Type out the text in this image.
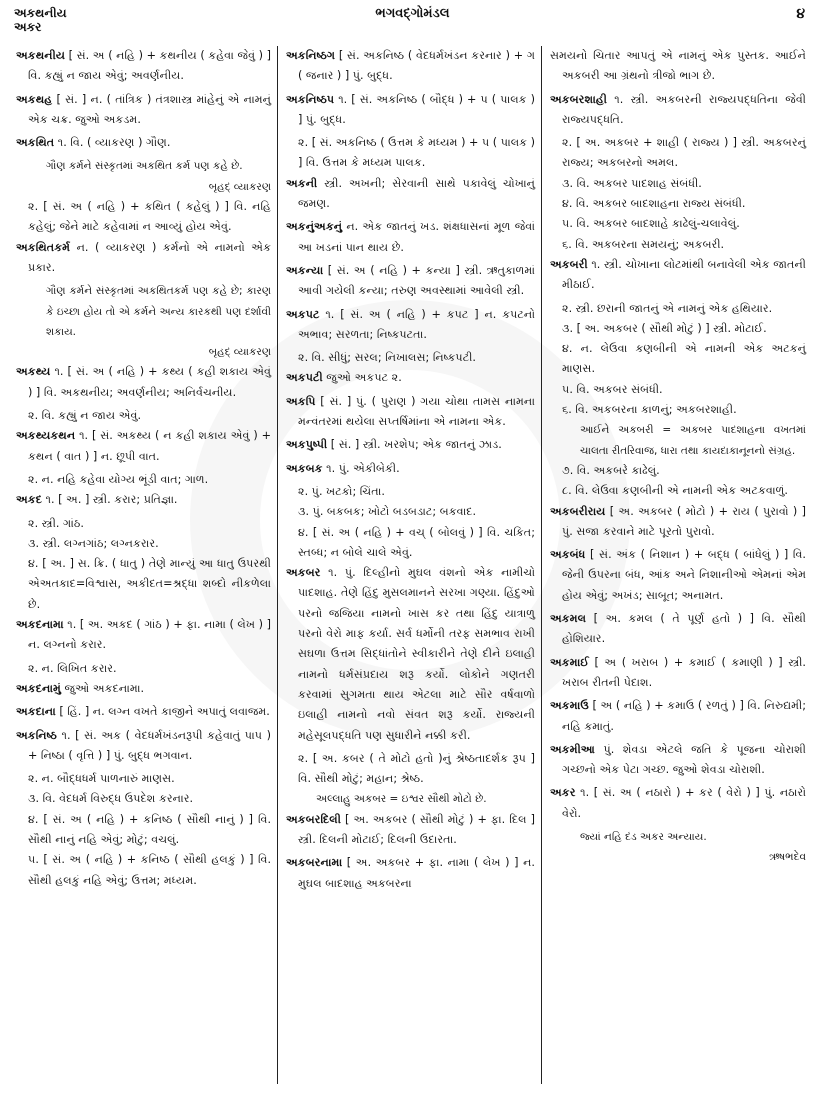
અકથનીય
અકર
ભગવદ્ગોમંડલ	૪

અકથનીય [ સં. અ ( નહિ ) + કથનીય ( કહેવા જેવું ) ] વિ. કહ્યું ન જાય એવું; અવર્ણનીય.

અકથહ [ સં. ] ન. ( તાંત્રિક ) તંત્રશાસ્ત્ર માંહેનું એ નામનું એક ચક્ર. જુઓ અકડમ.

અકથિત ૧. વિ. ( વ્યાકરણ ) ગૌણ.

ગૌણ કર્મને સંસ્કૃતમાં અકથિત કર્મ પણ કહે છે.

બૃહદ્ વ્યાકરણ

૨. [ સં. અ ( નહિ ) + કથિત ( કહેલું ) ] વિ. નહિ કહેલું; જેને માટે કહેવામાં ન આવ્યું હોય એવું.

અકથિતકર્મ ન. ( વ્યાકરણ ) કર્મનો એ નામનો એક પ્રકાર.

ગૌણ કર્મને સંસ્કૃતમાં અકથિતકર્મ પણ કહે છે; કારણ કે ઇચ્છા હોય તો એ કર્મને અન્ય કારકથી પણ દર્શાવી શકાય.

બૃહદ્ વ્યાકરણ

અકથ્ય ૧. [ સં. અ ( નહિ ) + કથ્ય ( કહી શકાય એવું ) ] વિ. અકથનીય; અવર્ણનીય; અનિર્વચનીય.

૨. વિ. કહ્યું ન જાય એવું.

અકથ્યકથન ૧. [ સં. અકથ્ય ( ન કહી શકાય એવું ) + કથન ( વાત ) ] ન. છૂપી વાત.

૨. ન. નહિ કહેવા યોગ્ય ભૂંડી વાત; ગાળ.

અકદ ૧. [ અ. ] સ્ત્રી. કરાર; પ્રતિજ્ઞા.

૨. સ્ત્રી. ગાંઠ.

૩. સ્ત્રી. લગ્નગાંઠ; લગ્નકરાર.

૪. [ અ. ] સ. ક્રિ. ( ધાતુ ) તેણે માન્યું આ ધાતુ ઉપરથી એઅતકાદ=વિશ્વાસ, અકીદત=શ્રદ્ધા શબ્દો નીકળેલા છે.

અકદનામા ૧. [ અ. અકદ ( ગાંઠ ) + ફા. નામા ( લેખ ) ] ન. લગ્નનો કરાર.

૨. ન. લિખિત કરાર.

અકદનામું જુઓ અકદનામા.

અકદાના [ હિં. ] ન. લગ્ન વખતે કાજીને અપાતું લવાજમ.

અકનિષ્ઠ ૧. [ સં. અક ( વેદધર્મખંડનરૂપી કહેવાતું પાપ ) + નિષ્ઠા ( વૃત્તિ ) ] પું. બુદ્ધ ભગવાન.

૨. ન. બૌદ્ધધર્મ પાળનારું માણસ.

૩. વિ. વેદધર્મ વિરુદ્ધ ઉપદેશ કરનાર.

૪. [ સં. અ ( નહિ ) + કનિષ્ઠ ( સૌથી નાનું ) ] વિ. સૌથી નાનું નહિ એવું; મોટું; વચલું.

૫. [ સં. અ ( નહિ ) + કનિષ્ઠ ( સૌથી હલકું ) ] વિ. સૌથી હલકું નહિ એવું; ઉત્તમ; મધ્યમ.

અકનિષ્ઠગ [ સં. અકનિષ્ઠ ( વેદધર્મખંડન કરનાર ) + ગ ( જનાર ) ] પું. બુદ્ધ.

અકનિષ્ઠપ ૧. [ સં. અકનિષ્ઠ ( બૌદ્ધ ) + પ ( પાલક ) ] પું. બુદ્ધ.

૨. [ સં. અકનિષ્ઠ ( ઉત્તમ કે મધ્યમ ) + પ ( પાલક ) ] વિ. ઉત્તમ કે મધ્યમ પાલક.

અકની સ્ત્રી. અખની; સેરવાની સાથે પકાવેલું ચોખાનું જમણ.

અકનુંઅકનું ન. એક જાતનું ખડ. શંક્ષધાસનાં મૂળ જેવાં આ ખડનાં પાન થાય છે.

અકન્યા [ સં. અ ( નહિ ) + કન્યા ] સ્ત્રી. ઋતુકાળમાં આવી ગયેલી કન્યા; તરુણ અવસ્થામાં આવેલી સ્ત્રી.

અકપટ ૧. [ સં. અ ( નહિ ) + કપટ ] ન. કપટનો અભાવ; સરળતા; નિષ્કપટતા.

૨. વિ. સીધું; સરલ; નિખાલસ; નિષ્કપટી.

અકપટી જુઓ અકપટ ૨.

અકપિ [ સં. ] પું. ( પુરાણ ) ગયા ચોથા તામસ નામના મન્વંતરમાં થયેલા સપ્તર્ષિમાંના એ નામના એક.

અકપુષ્પી [ સં. ] સ્ત્રી. ખરશેપ; એક જાતનું ઝાડ.

અકબક ૧. પું. એકીબેકી.

૨. પું. ખટકો; ચિંતા.

૩. પું. બકબક; ખોટો બડબડાટ; બકવાદ.

૪. [ સં. અ ( નહિ ) + વચ્ ( બોલવું ) ] વિ. ચકિત; સ્તબ્ધ; ન બોલે ચાલે એવું.

અકબર ૧. પું. દિલ્હીનો મુઘલ વંશનો એક નામીચો પાદશાહ. તેણે હિંદુ મુસલમાનને સરખા ગણ્યા. હિંદુઓ પરનો જજિયા નામનો ખાસ કર તથા હિંદુ યાત્રાળુ પરનો વેરો માફ કર્યા. સર્વ ધર્મોની તરફ સમભાવ રાખી સઘળા ઉત્તમ સિદ્ધાંતોને સ્વીકારીને તેણે દીને ઇલાહી નામનો ધર્મસંપ્રદાય શરૂ કર્યો. લોકોને ગણતરી કરવામાં સુગમતા થાય એટલા માટે સૌર વર્ષવાળો ઇલાહી નામનો નવો સંવત શરૂ કર્યો. રાજ્યની મહેસૂલપદ્ધતિ પણ સુધારીને નક્કી કરી.

૨. [ અ. કબર ( તે મોટો હતો )નું શ્રેષ્ઠતાદર્શક રૂપ ] વિ. સૌથી મોટું; મહાન; શ્રેષ્ઠ.

અલ્લાહુ અકબર = ઇશ્વર સૌથી મોટો છે.

અકબરદિલી [ અ. અકબર ( સૌથી મોટું ) + ફા. દિલ ] સ્ત્રી. દિલની મોટાઈ; દિલની ઉદારતા.

અકબરનામા [ અ. અકબર + ફા. નામા ( લેખ ) ] ન. મુઘલ બાદશાહ અકબરના

સમયનો ચિતાર આપતું એ નામનું એક પુસ્તક. આઈને અકબરી આ ગ્રંથનો ત્રીજો ભાગ છે.

અકબરશાહી ૧. સ્ત્રી. અકબરની રાજ્યપદ્ધતિના જેવી રાજ્યપદ્ધતિ.

૨. [ અ. અકબર + શાહી ( રાજ્ય ) ] સ્ત્રી. અકબરનું રાજ્ય; અકબરનો અમલ.

૩. વિ. અકબર પાદશાહ સંબંધી.

૪. વિ. અકબર બાદશાહના રાજ્ય સંબંધી.

૫. વિ. અકબર બાદશાહે કાઢેલું-ચલાવેલું.

૬. વિ. અકબરના સમયનું; અકબરી.

અકબરી ૧. સ્ત્રી. ચોખાના લોટમાંથી બનાવેલી એક જાતની મીઠાઈ.

૨. સ્ત્રી. છરાની જાતનું એ નામનું એક હથિયાર.

૩. [ અ. અકબર ( સૌથી મોટું ) ] સ્ત્રી. મોટાઈ.

૪. ન. લેઉવા કણબીની એ નામની એક અટકનું માણસ.

૫. વિ. અકબર સંબંધી.

૬. વિ. અકબરના કાળનું; અકબરશાહી.

આઈને અકબરી = અકબર પાદશાહના વખતમાં ચાલતા રીતરિવાજ, ધારા તથા કાયદાકાનૂનનો સંગ્રહ.

૭. વિ. અકબરે કાઢેલું.

૮. વિ. લેઉવા કણબીની એ નામની એક અટકવાળું.

અકબરીરાય [ અ. અકબર ( મોટો ) + રાય ( પુરાવો ) ] પું. સજા કરવાને માટે પૂરતો પુરાવો.

અકબંધ [ સં. અંક ( નિશાન ) + બદ્ધ ( બાંધેલું ) ] વિ. જેની ઉપરના બંધ, આંક અને નિશાનીઓ એમનાં એમ હોય એવું; અખંડ; સાબૂત; અનામત.

અકમલ [ અ. કમલ ( તે પૂર્ણ હતો ) ] વિ. સૌથી હોશિયાર.

અકમાઈ [ અ ( ખરાબ ) + કમાઈ ( કમાણી ) ] સ્ત્રી. ખરાબ રીતની પેદાશ.

અકમાઉ [ અ ( નહિ ) + કમાઉ ( રળતું ) ] વિ. નિરુદ્યમી; નહિ કમાતું.

અકમીઆ પું. શેવડા એટલે જતિ કે પૂજના ચોરાશી ગચ્છનો એક પેટા ગચ્છ. જુઓ શેવડા ચોરાશી.

અકર ૧. [ સં. અ ( નઠારો ) + કર ( વેરો ) ] પું. નઠારો વેરો.

જ્યાં નહિ દંડ અકર અન્યાય.

ઋષભદેવ
